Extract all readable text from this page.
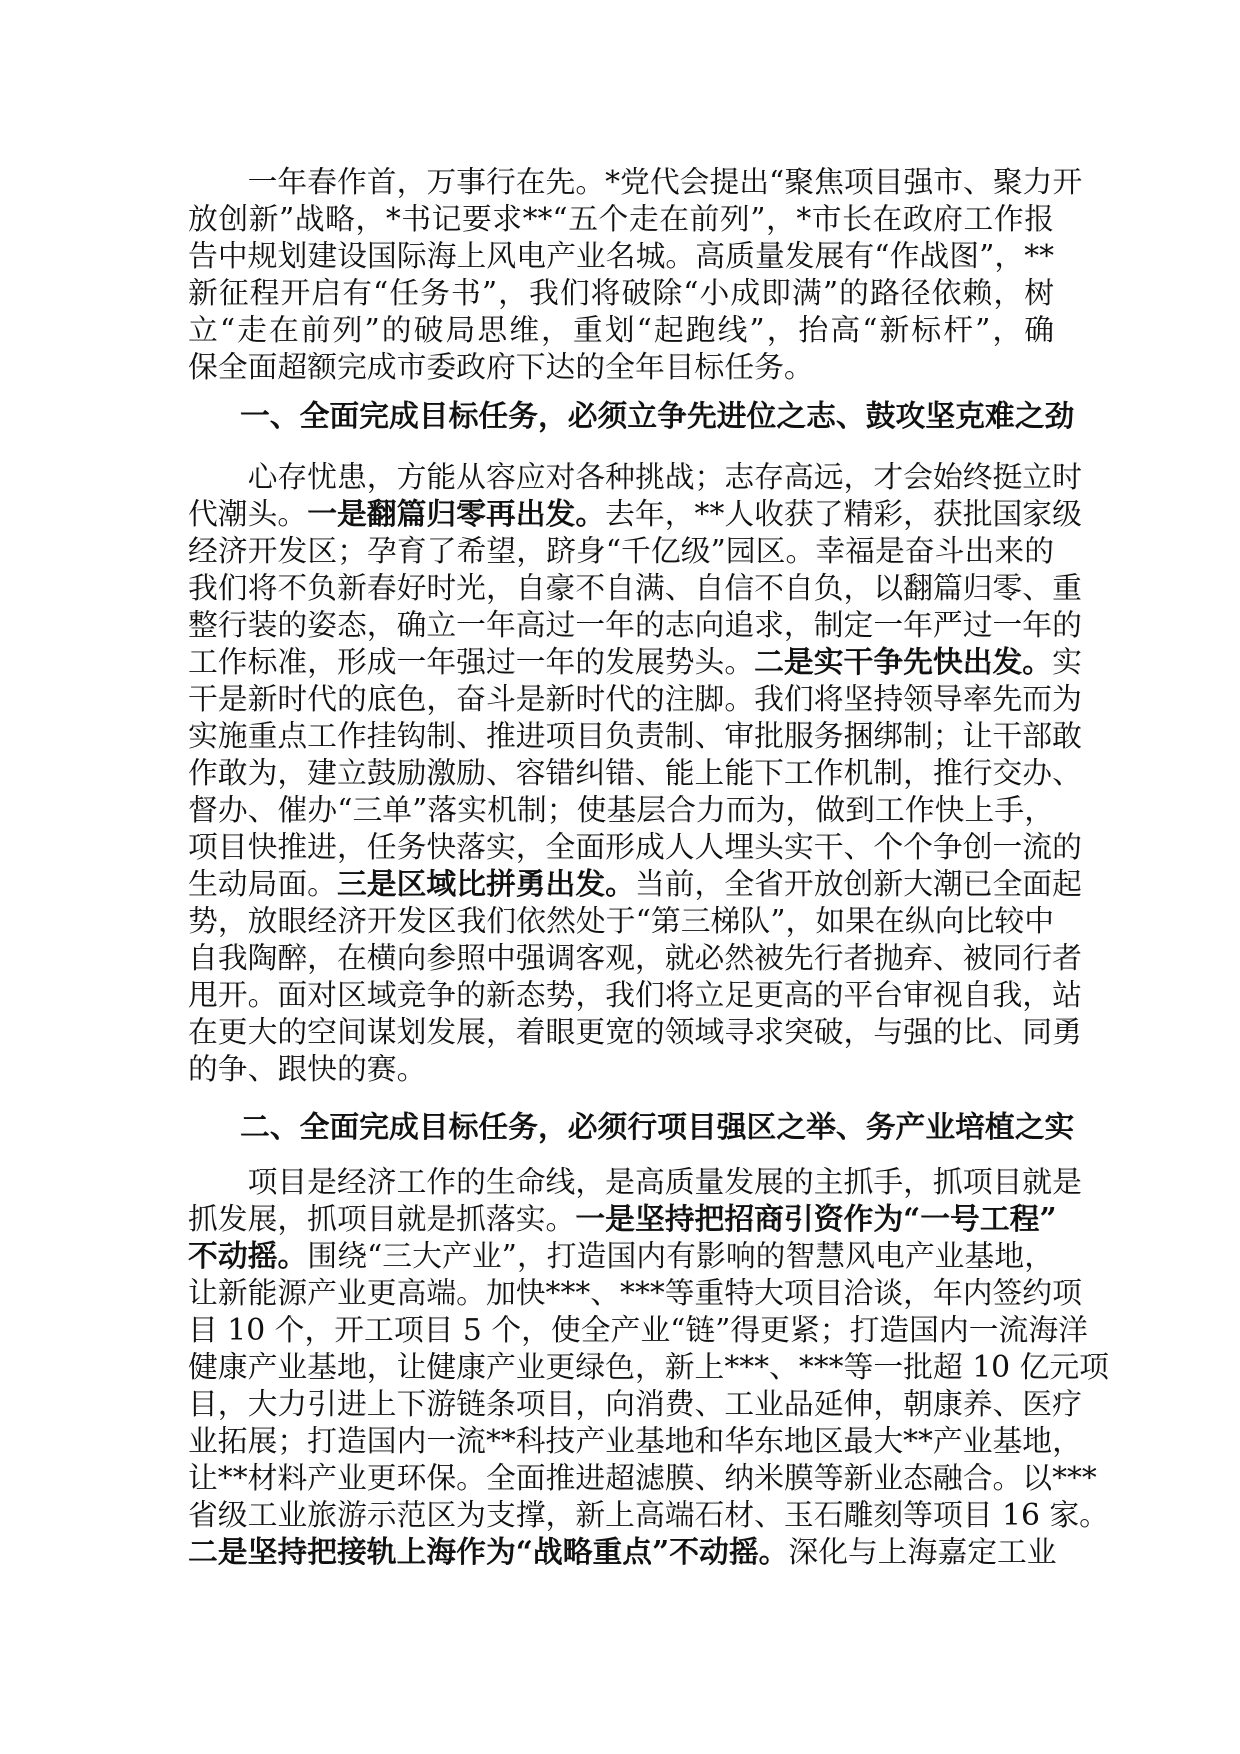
一年春作首，万事行在先。*党代会提出“聚焦项目强市、聚力开
放创新”战略，*书记要求**“五个走在前列”，*市长在政府工作报
告中规划建设国际海上风电产业名城。高质量发展有“作战图”，**
新征程开启有“任务书”，我们将破除“小成即满”的路径依赖，树
立“走在前列”的破局思维，重划“起跑线”，抬高“新标杆”，确
保全面超额完成市委政府下达的全年目标任务。
一、全面完成目标任务，必须立争先进位之志、鼓攻坚克难之劲
心存忧患，方能从容应对各种挑战；志存高远，才会始终挺立时
代潮头。一是翻篇归零再出发。去年，**人收获了精彩，获批国家级
经济开发区；孕育了希望，跻身“千亿级”园区。幸福是奋斗出来的
我们将不负新春好时光，自豪不自满、自信不自负，以翻篇归零、重
整行装的姿态，确立一年高过一年的志向追求，制定一年严过一年的
工作标准，形成一年强过一年的发展势头。二是实干争先快出发。实
干是新时代的底色，奋斗是新时代的注脚。我们将坚持领导率先而为
实施重点工作挂钩制、推进项目负责制、审批服务捆绑制；让干部敢
作敢为，建立鼓励激励、容错纠错、能上能下工作机制，推行交办、
督办、催办“三单”落实机制；使基层合力而为，做到工作快上手，
项目快推进，任务快落实，全面形成人人埋头实干、个个争创一流的
生动局面。三是区域比拼勇出发。当前，全省开放创新大潮已全面起
势，放眼经济开发区我们依然处于“第三梯队”，如果在纵向比较中
自我陶醉，在横向参照中强调客观，就必然被先行者抛弃、被同行者
甩开。面对区域竞争的新态势，我们将立足更高的平台审视自我，站
在更大的空间谋划发展，着眼更宽的领域寻求突破，与强的比、同勇
的争、跟快的赛。
二、全面完成目标任务，必须行项目强区之举、务产业培植之实
项目是经济工作的生命线，是高质量发展的主抓手，抓项目就是
抓发展，抓项目就是抓落实。一是坚持把招商引资作为“一号工程”
不动摇。围绕“三大产业”，打造国内有影响的智慧风电产业基地，
让新能源产业更高端。加快***、***等重特大项目洽谈，年内签约项
目 10 个，开工项目 5 个，使全产业“链”得更紧；打造国内一流海洋
健康产业基地，让健康产业更绿色，新上***、***等一批超 10 亿元项
目，大力引进上下游链条项目，向消费、工业品延伸，朝康养、医疗
业拓展；打造国内一流**科技产业基地和华东地区最大**产业基地，
让**材料产业更环保。全面推进超滤膜、纳米膜等新业态融合。以***
省级工业旅游示范区为支撑，新上高端石材、玉石雕刻等项目 16 家。
二是坚持把接轨上海作为“战略重点”不动摇。深化与上海嘉定工业
